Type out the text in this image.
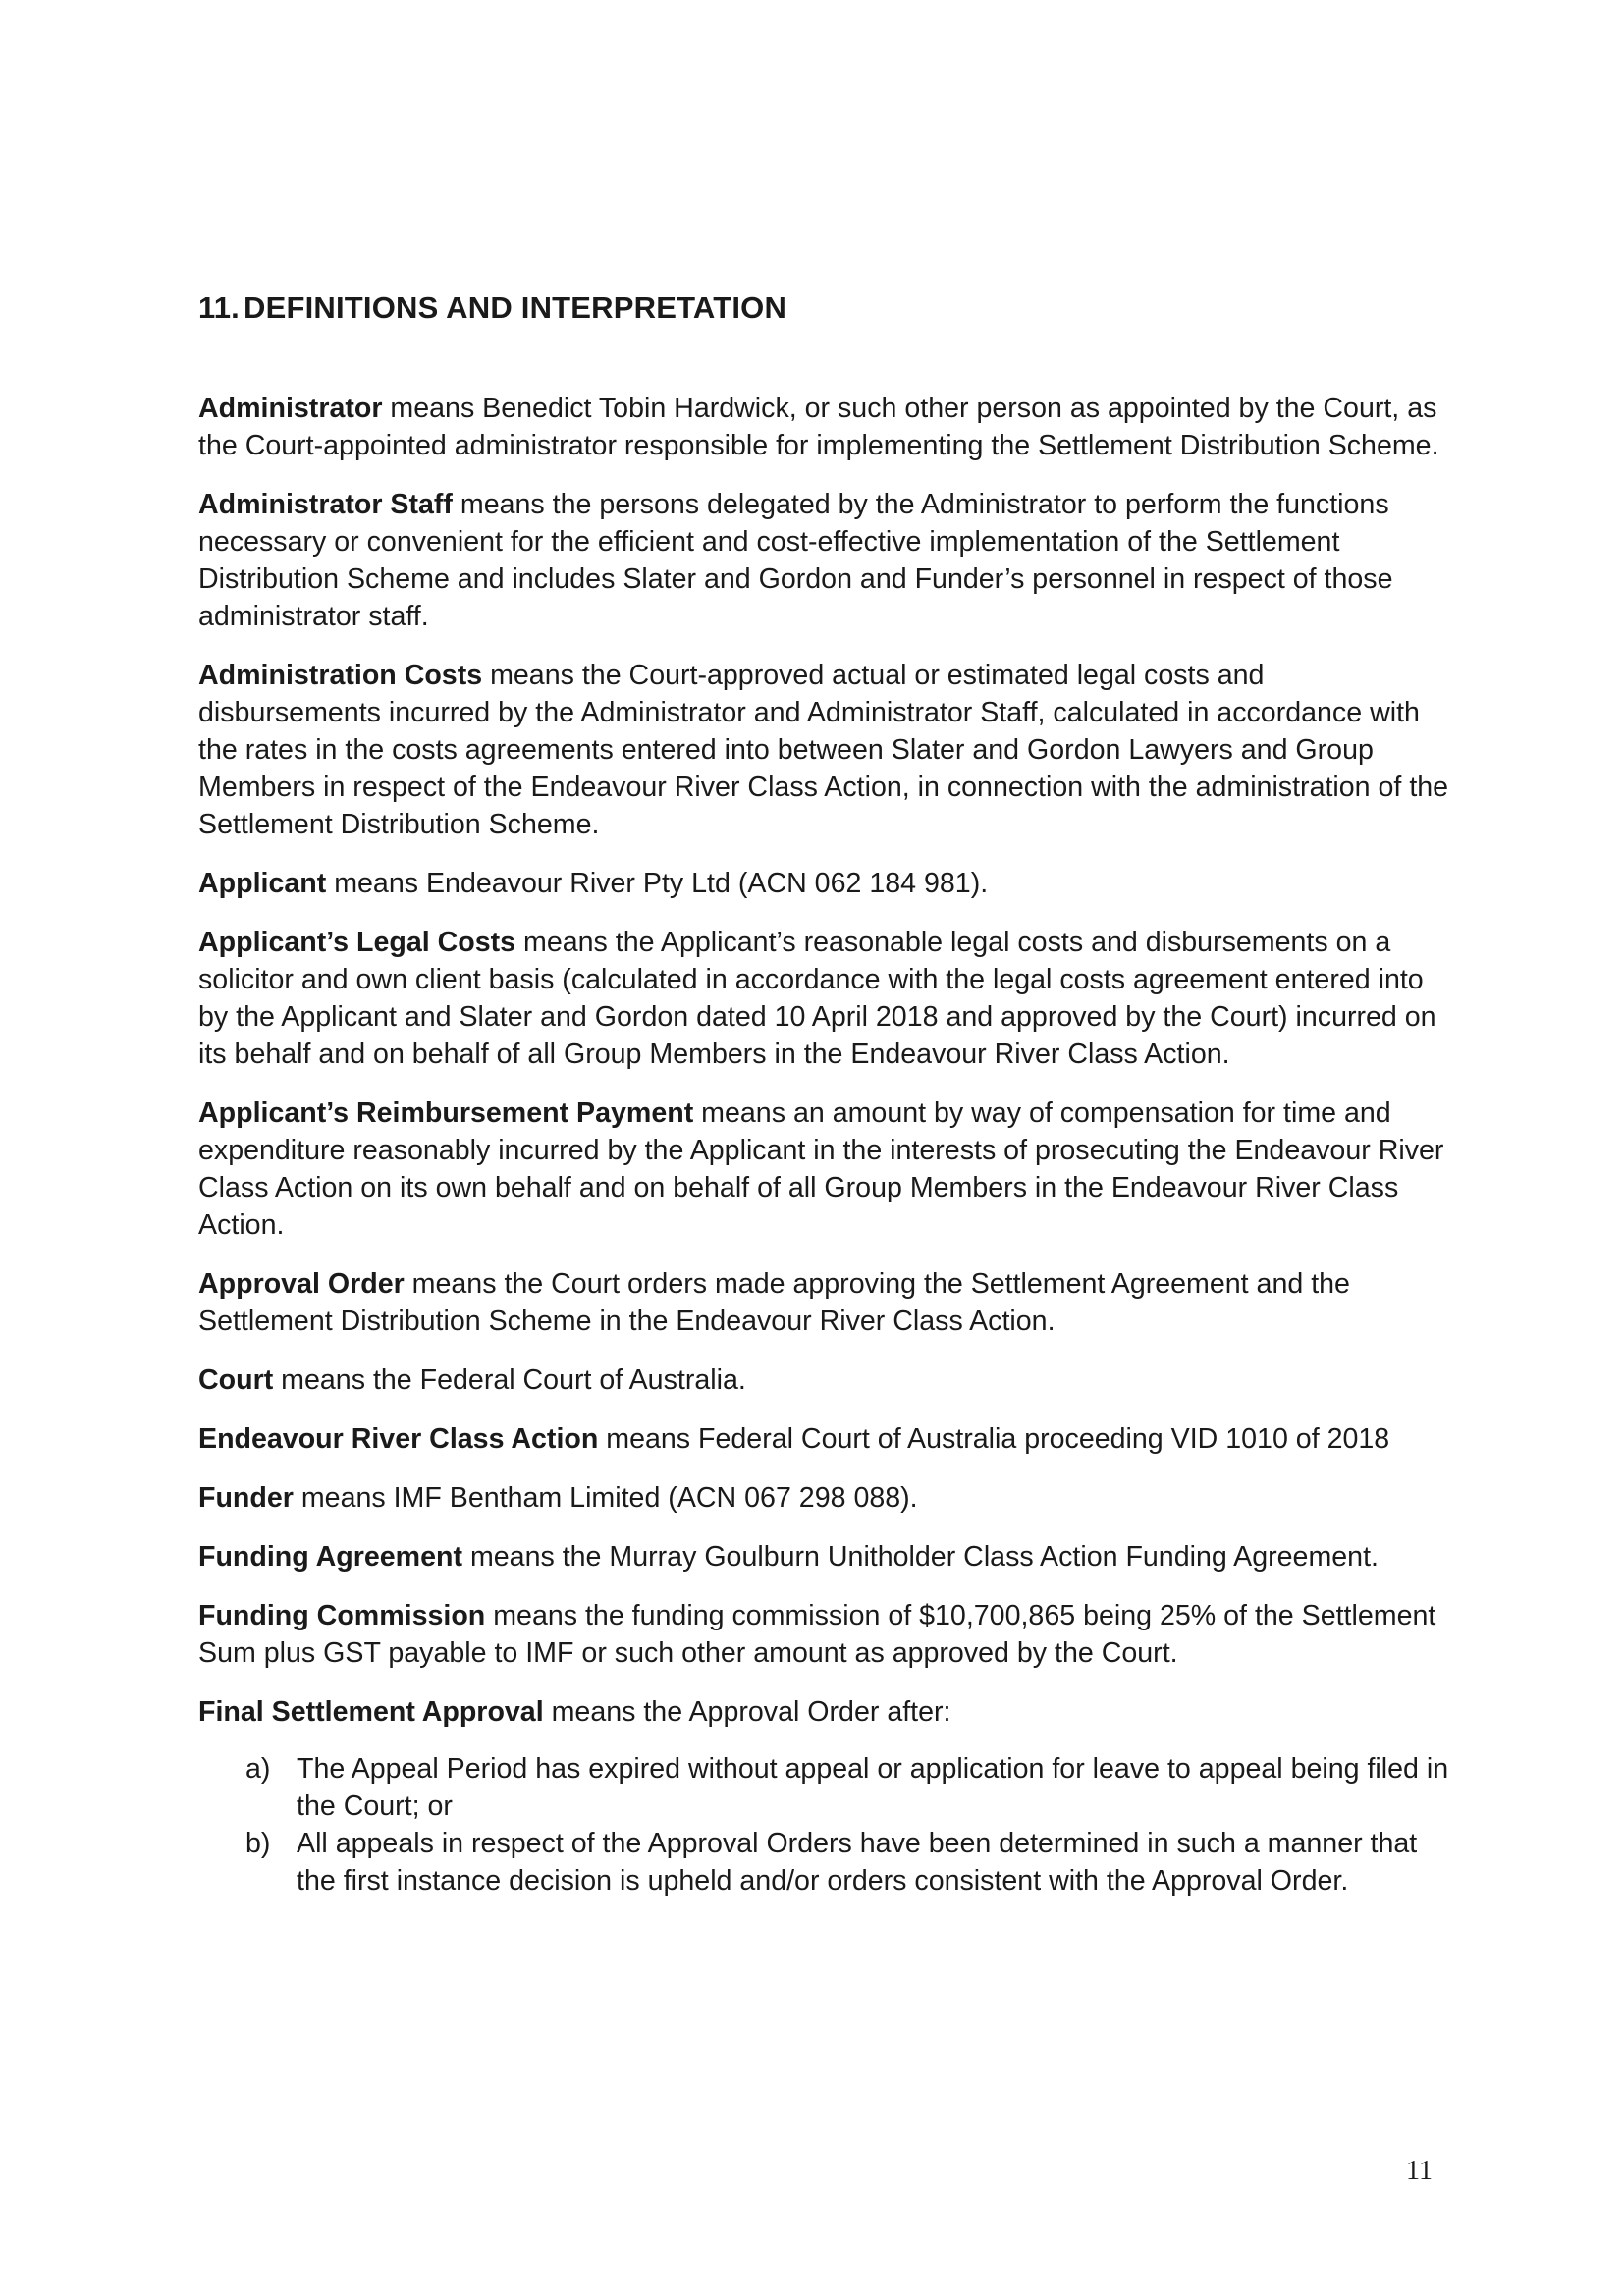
11. DEFINITIONS AND INTERPRETATION

Administrator means Benedict Tobin Hardwick, or such other person as appointed by the Court, as the Court-appointed administrator responsible for implementing the Settlement Distribution Scheme.

Administrator Staff means the persons delegated by the Administrator to perform the functions necessary or convenient for the efficient and cost-effective implementation of the Settlement Distribution Scheme and includes Slater and Gordon and Funder’s personnel in respect of those administrator staff.

Administration Costs means the Court-approved actual or estimated legal costs and disbursements incurred by the Administrator and Administrator Staff, calculated in accordance with the rates in the costs agreements entered into between Slater and Gordon Lawyers and Group Members in respect of the Endeavour River Class Action, in connection with the administration of the Settlement Distribution Scheme.

Applicant means Endeavour River Pty Ltd (ACN 062 184 981).

Applicant’s Legal Costs means the Applicant’s reasonable legal costs and disbursements on a solicitor and own client basis (calculated in accordance with the legal costs agreement entered into by the Applicant and Slater and Gordon dated 10 April 2018 and approved by the Court) incurred on its behalf and on behalf of all Group Members in the Endeavour River Class Action.

Applicant’s Reimbursement Payment means an amount by way of compensation for time and expenditure reasonably incurred by the Applicant in the interests of prosecuting the Endeavour River Class Action on its own behalf and on behalf of all Group Members in the Endeavour River Class Action.

Approval Order means the Court orders made approving the Settlement Agreement and the Settlement Distribution Scheme in the Endeavour River Class Action.

Court means the Federal Court of Australia.

Endeavour River Class Action means Federal Court of Australia proceeding VID 1010 of 2018

Funder means IMF Bentham Limited (ACN 067 298 088).

Funding Agreement means the Murray Goulburn Unitholder Class Action Funding Agreement.

Funding Commission means the funding commission of $10,700,865 being 25% of the Settlement Sum plus GST payable to IMF or such other amount as approved by the Court.

Final Settlement Approval means the Approval Order after:

a) The Appeal Period has expired without appeal or application for leave to appeal being filed in the Court; or
b) All appeals in respect of the Approval Orders have been determined in such a manner that the first instance decision is upheld and/or orders consistent with the Approval Order.
11
